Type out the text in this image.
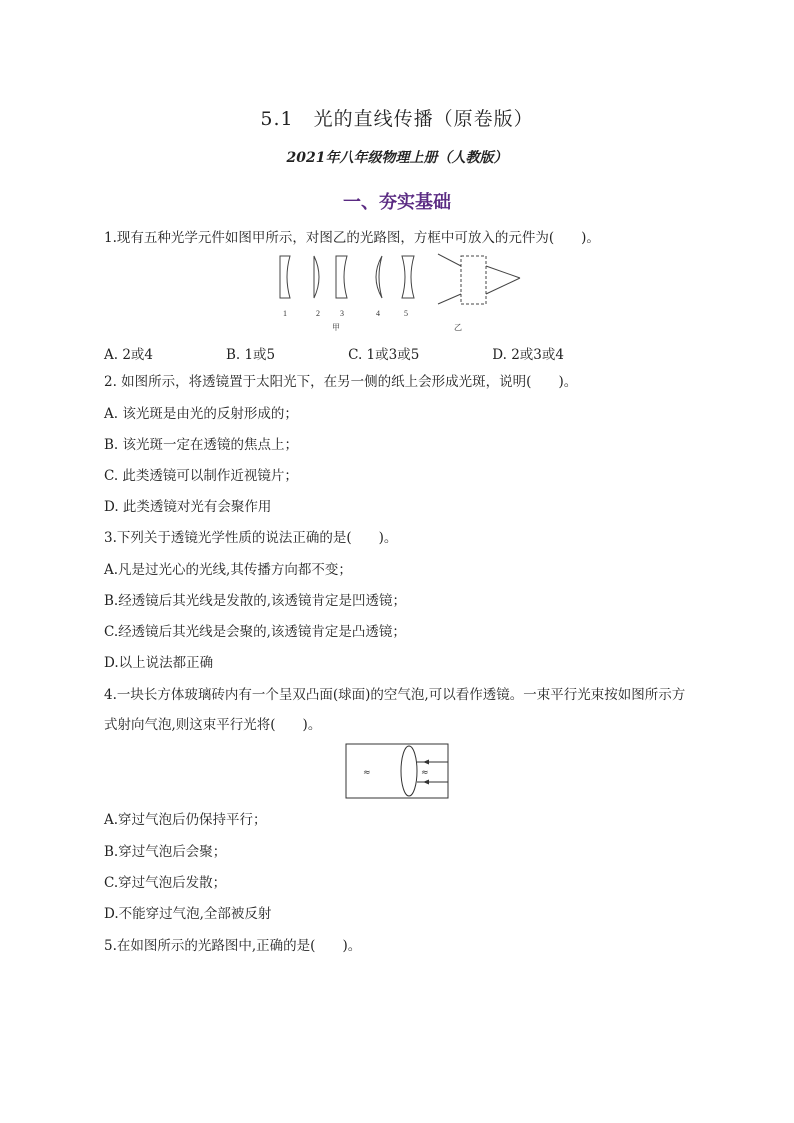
5.1　光的直线传播（原卷版）
2021年八年级物理上册（人教版）
一、夯实基础
1.现有五种光学元件如图甲所示，对图乙的光路图，方框中可放入的元件为(　　)。
1	2	3	4	5
甲	乙
A. 2或4	B. 1或5	C. 1或3或5	D. 2或3或4
2. 如图所示，将透镜置于太阳光下，在另一侧的纸上会形成光斑，说明(　　)。
A. 该光斑是由光的反射形成的；
B. 该光斑一定在透镜的焦点上；
C. 此类透镜可以制作近视镜片；
D. 此类透镜对光有会聚作用
3.下列关于透镜光学性质的说法正确的是(　　)。
A.凡是过光心的光线,其传播方向都不变；
B.经透镜后其光线是发散的,该透镜肯定是凹透镜；
C.经透镜后其光线是会聚的,该透镜肯定是凸透镜；
D.以上说法都正确
4.一块长方体玻璃砖内有一个呈双凸面(球面)的空气泡,可以看作透镜。一束平行光束按如图所示方
式射向气泡,则这束平行光将(　　)。
≈	≈
A.穿过气泡后仍保持平行；
B.穿过气泡后会聚；
C.穿过气泡后发散；
D.不能穿过气泡,全部被反射
5.在如图所示的光路图中,正确的是(　　)。
